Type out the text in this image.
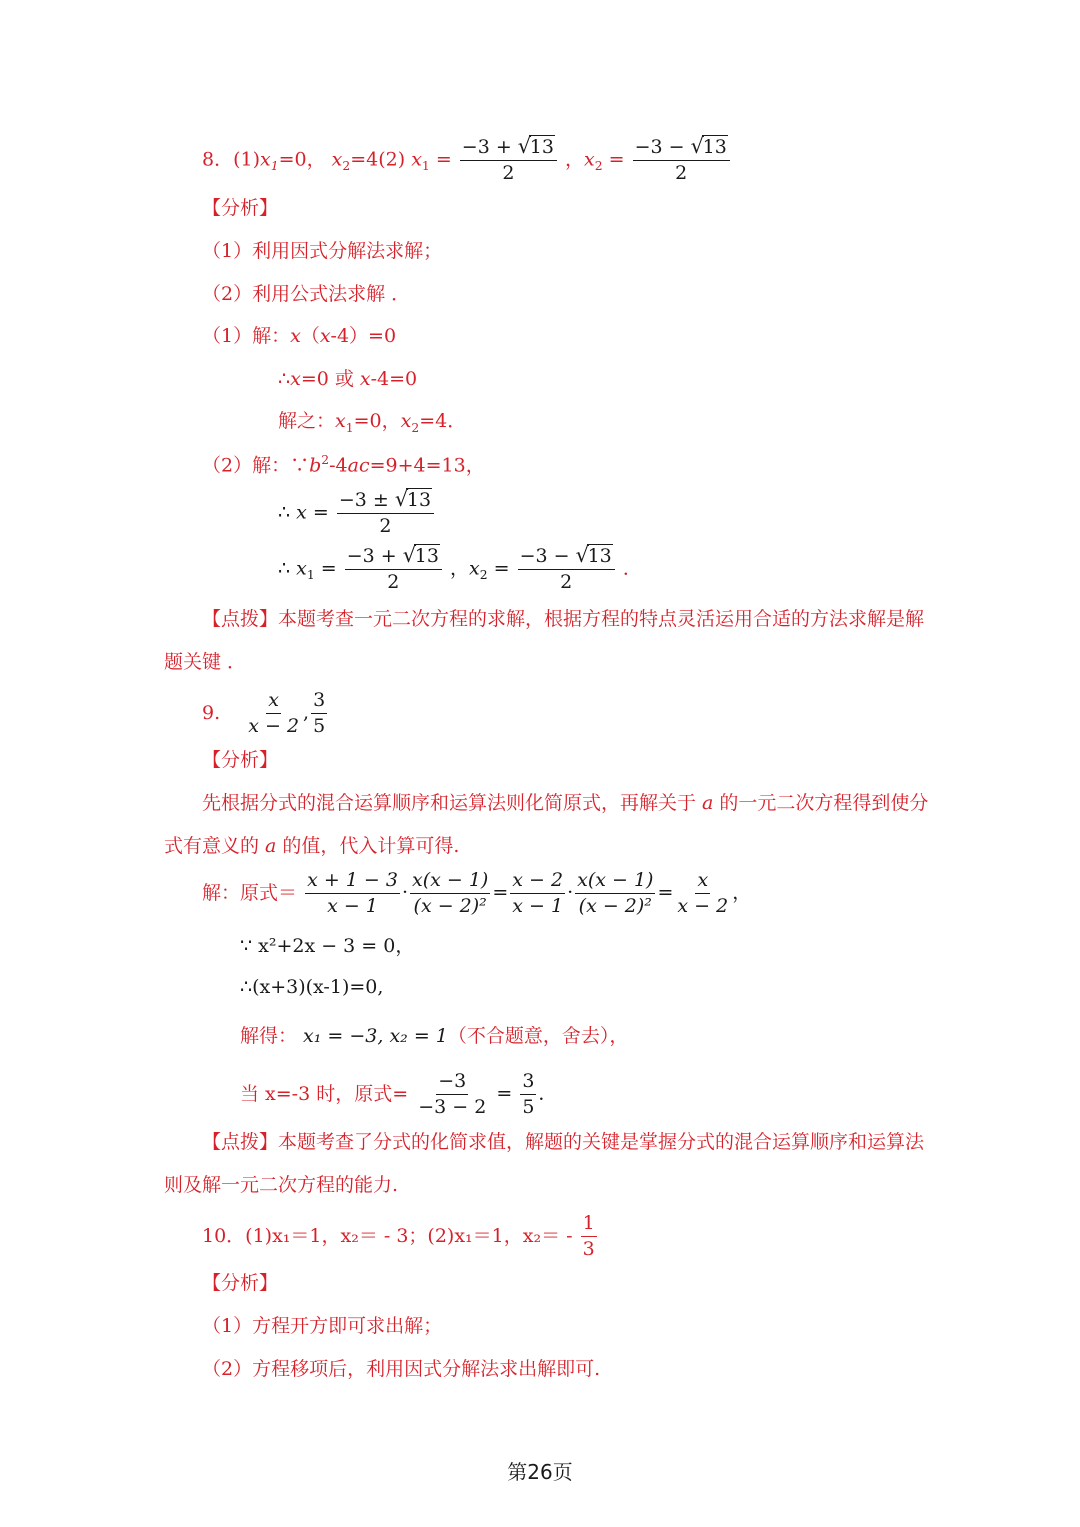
8．$(1)x_1=0$， $x_2=4(2) x_1 = -3$ + √
13
2 ，$x_2 = -3$ − √
13
2
【分析】
（1）利用因式分解法求解；
（2）利用公式法求解 ．
（1）解：x（x-4）=0
∴x=0 或 x-4=0
解之：$x_1=0$，$x_2=4$．
（2）解：$\because b^2-4ac=9+4=13$，
∴ x = −3 ± √
13
2
∴ $x_1 = -3$ + √
13
2 ，$x_2 = -3$ − √
13
2 ．
【点拨】本题考查一元二次方程的求解，根据方程的特点灵活运用合适的方法求解是解
题关键 ．
9. $\frac{x}{x - 2}$ , $\frac{3}{5}$
【分析】
先根据分式的混合运算顺序和运算法则化简原式，再解关于 a 的一元二次方程得到使分
式有意义的 a 的值，代入计算可得.
解：原式＝ $\frac{x + 1 - 3}{x - 1} \cdot \frac{x(x - 1)}{\text{(x − 2)²}} = \frac{x - 2}{x - 1} \cdot \frac{x(x - 1)}{\text{(x − 2)²}} = \frac{x}{x - 2}$ ，
∵ x²+2x − 3 = 0，
∴(x+3)(x-1)=0,
解得： x₁ = −3, x₂ = 1（不合题意，舍去），
当 x=-3 时，原式= $\frac{-3}{-3 - 2} = \frac{3}{5}$ ．
【点拨】本题考查了分式的化简求值，解题的关键是掌握分式的混合运算顺序和运算法
则及解一元二次方程的能力.
10．(1)x₁＝1，x₂＝ - 3；(2)x₁＝1，$x_2= - \frac{1}{3}$
【分析】
（1）方程开方即可求出解；
（2）方程移项后，利用因式分解法求出解即可.
第26页
